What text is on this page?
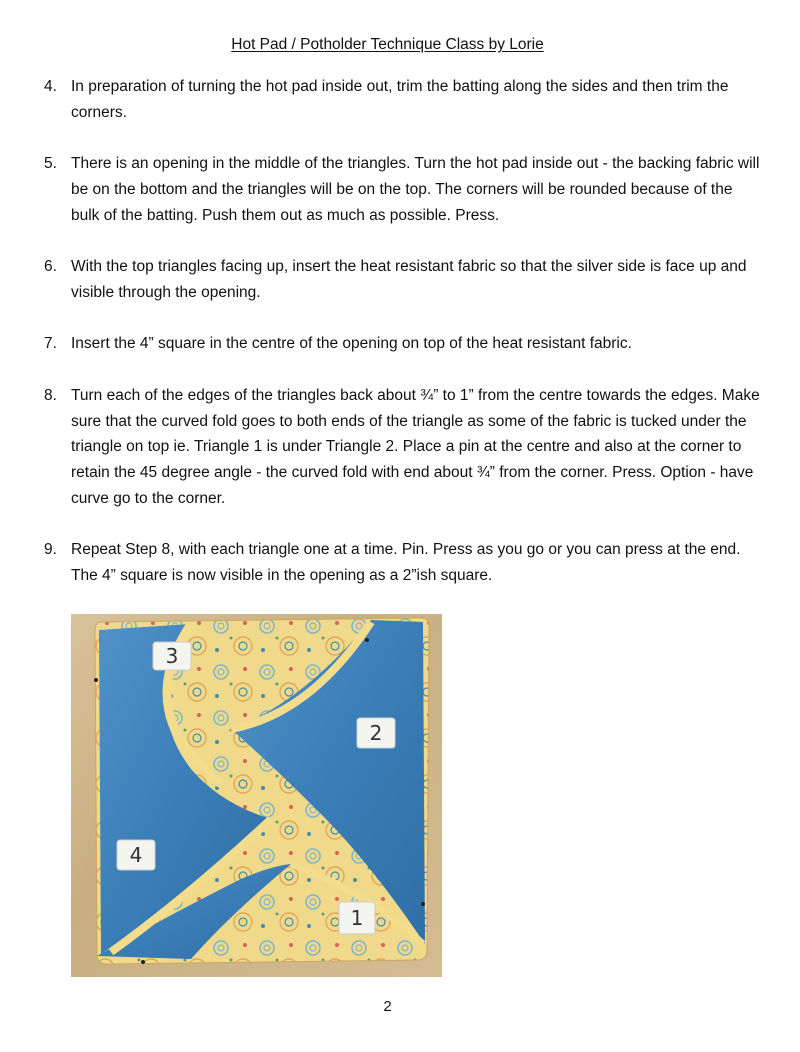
Hot Pad / Potholder Technique Class by Lorie
4. In preparation of turning the hot pad inside out, trim the batting along the sides and then trim the corners.
5. There is an opening in the middle of the triangles. Turn the hot pad inside out - the backing fabric will be on the bottom and the triangles will be on the top. The corners will be rounded because of the bulk of the batting. Push them out as much as possible. Press.
6. With the top triangles facing up, insert the heat resistant fabric so that the silver side is face up and visible through the opening.
7. Insert the 4” square in the centre of the opening on top of the heat resistant fabric.
8. Turn each of the edges of the triangles back about ¾” to 1” from the centre towards the edges. Make sure that the curved fold goes to both ends of the triangle as some of the fabric is tucked under the triangle on top ie. Triangle 1 is under Triangle 2. Place a pin at the centre and also at the corner to retain the 45 degree angle - the curved fold with end about ¾” from the corner. Press. Option - have curve go to the corner.
9. Repeat Step 8, with each triangle one at a time. Pin. Press as you go or you can press at the end. The 4” square is now visible in the opening as a 2”ish square.
3
2
4
1
2
